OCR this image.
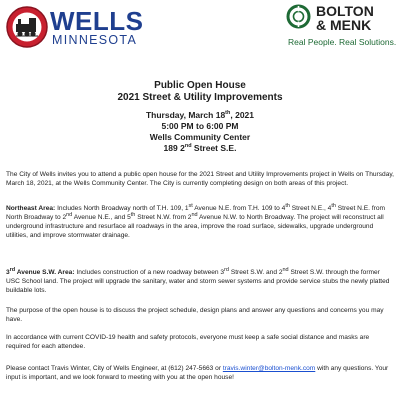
WELLS
MINNESOTA
BOLTON
& MENK
Real People. Real Solutions.
Public Open House
2021 Street & Utility Improvements
Thursday, March 18th, 2021
5:00 PM to 6:00 PM
Wells Community Center
189 2nd Street S.E.

The City of Wells invites you to attend a public open house for the 2021 Street and Utility Improvements project in Wells on Thursday, March 18, 2021, at the Wells Community Center. The City is currently completing design on both areas of this project.

Northeast Area: Includes North Broadway north of T.H. 109, 1st Avenue N.E. from T.H. 109 to 4th Street N.E., 4th Street N.E. from North Broadway to 2nd Avenue N.E., and 5th Street N.W. from 2nd Avenue N.W. to North Broadway. The project will reconstruct all underground infrastructure and resurface all roadways in the area, improve the road surface, sidewalks, upgrade underground utilities, and improve stormwater drainage.

3rd Avenue S.W. Area: Includes construction of a new roadway between 3rd Street S.W. and 2nd Street S.W. through the former USC School land. The project will upgrade the sanitary, water and storm sewer systems and provide service stubs the newly platted buildable lots.

The purpose of the open house is to discuss the project schedule, design plans and answer any questions and concerns you may have.

In accordance with current COVID-19 health and safety protocols, everyone must keep a safe social distance and masks are required for each attendee.

Please contact Travis Winter, City of Wells Engineer, at (612) 247-5663 or travis.winter@bolton-menk.com with any questions. Your input is important, and we look forward to meeting with you at the open house!
